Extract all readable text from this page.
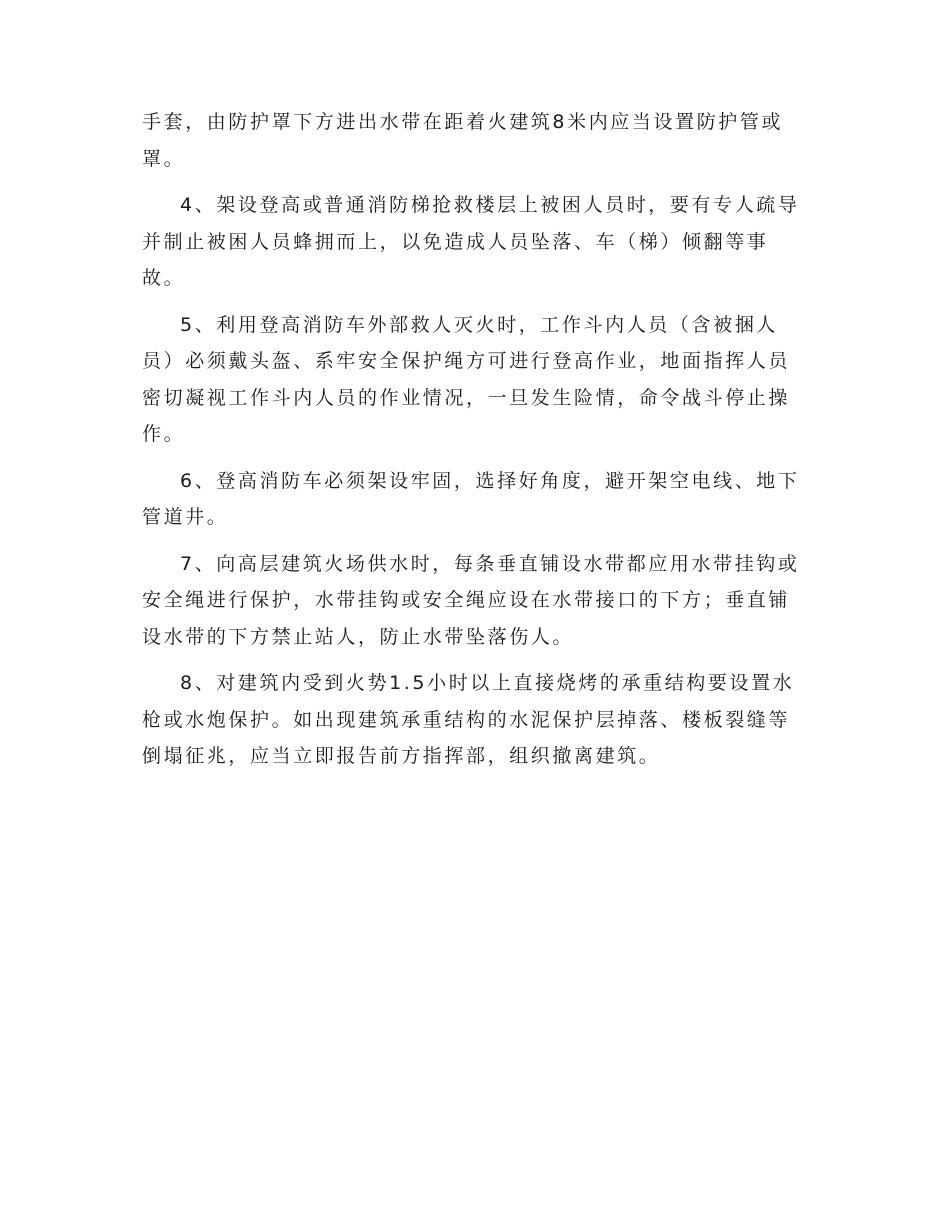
手套，由防护罩下方进出水带在距着火建筑8米内应当设置防护管或罩。

4、架设登高或普通消防梯抢救楼层上被困人员时，要有专人疏导并制止被困人员蜂拥而上，以免造成人员坠落、车（梯）倾翻等事故。

5、利用登高消防车外部救人灭火时，工作斗内人员（含被捆人员）必须戴头盔、系牢安全保护绳方可进行登高作业，地面指挥人员密切凝视工作斗内人员的作业情况，一旦发生险情，命令战斗停止操作。

6、登高消防车必须架设牢固，选择好角度，避开架空电线、地下管道井。

7、向高层建筑火场供水时，每条垂直铺设水带都应用水带挂钩或安全绳进行保护，水带挂钩或安全绳应设在水带接口的下方；垂直铺设水带的下方禁止站人，防止水带坠落伤人。

8、对建筑内受到火势1.5小时以上直接烧烤的承重结构要设置水枪或水炮保护。如出现建筑承重结构的水泥保护层掉落、楼板裂缝等倒塌征兆，应当立即报告前方指挥部，组织撤离建筑。
